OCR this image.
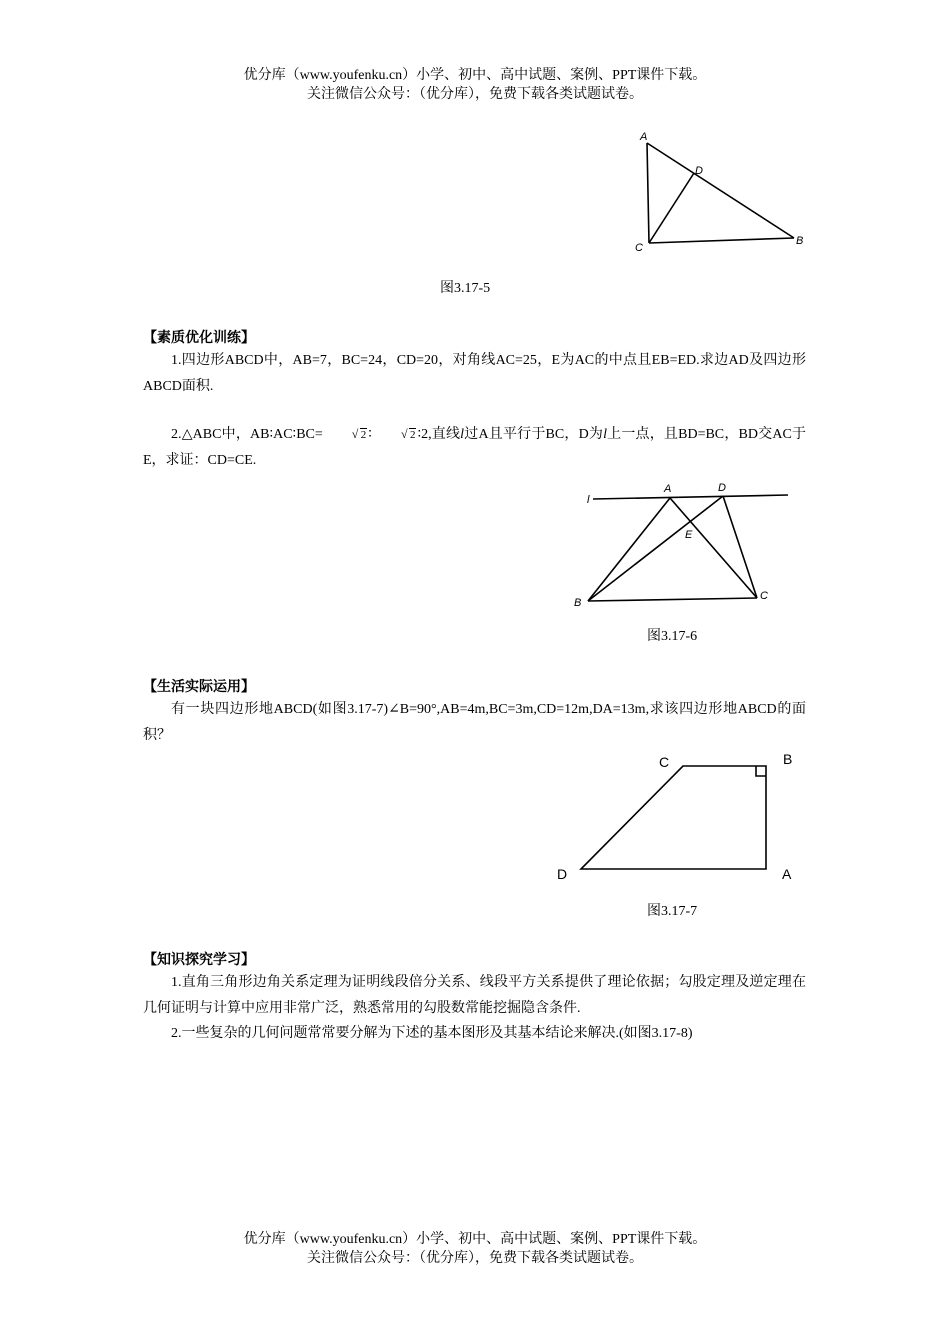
优分库（www.youfenku.cn）小学、初中、高中试题、案例、PPT课件下载。
关注微信公众号：（优分库），免费下载各类试题试卷。
A
D
C
B
图3.17-5
【素质优化训练】
1.四边形ABCD中，AB=7，BC=24，CD=20，对角线AC=25，E为AC的中点且EB=ED.求边AD及四边形ABCD面积.
2.△ABC中，AB∶AC∶BC=	√ 2 ∶	√ 2 ∶2,直线l过A且平行于BC，D为l上一点，且BD=BC，BD交AC于E，求证：CD=CE.
l
A	D
E
B
C
图3.17-6
【生活实际运用】
有一块四边形地ABCD(如图3.17-7)∠B=90°,AB=4m,BC=3m,CD=12m,DA=13m,求该四边形地ABCD的面积？
C	B
D	A
图3.17-7
【知识探究学习】
1.直角三角形边角关系定理为证明线段倍分关系、线段平方关系提供了理论依据；勾股定理及逆定理在几何证明与计算中应用非常广泛，熟悉常用的勾股数常能挖掘隐含条件.
2.一些复杂的几何问题常常要分解为下述的基本图形及其基本结论来解决.(如图3.17-8)
优分库（www.youfenku.cn）小学、初中、高中试题、案例、PPT课件下载。
关注微信公众号：（优分库），免费下载各类试题试卷。
